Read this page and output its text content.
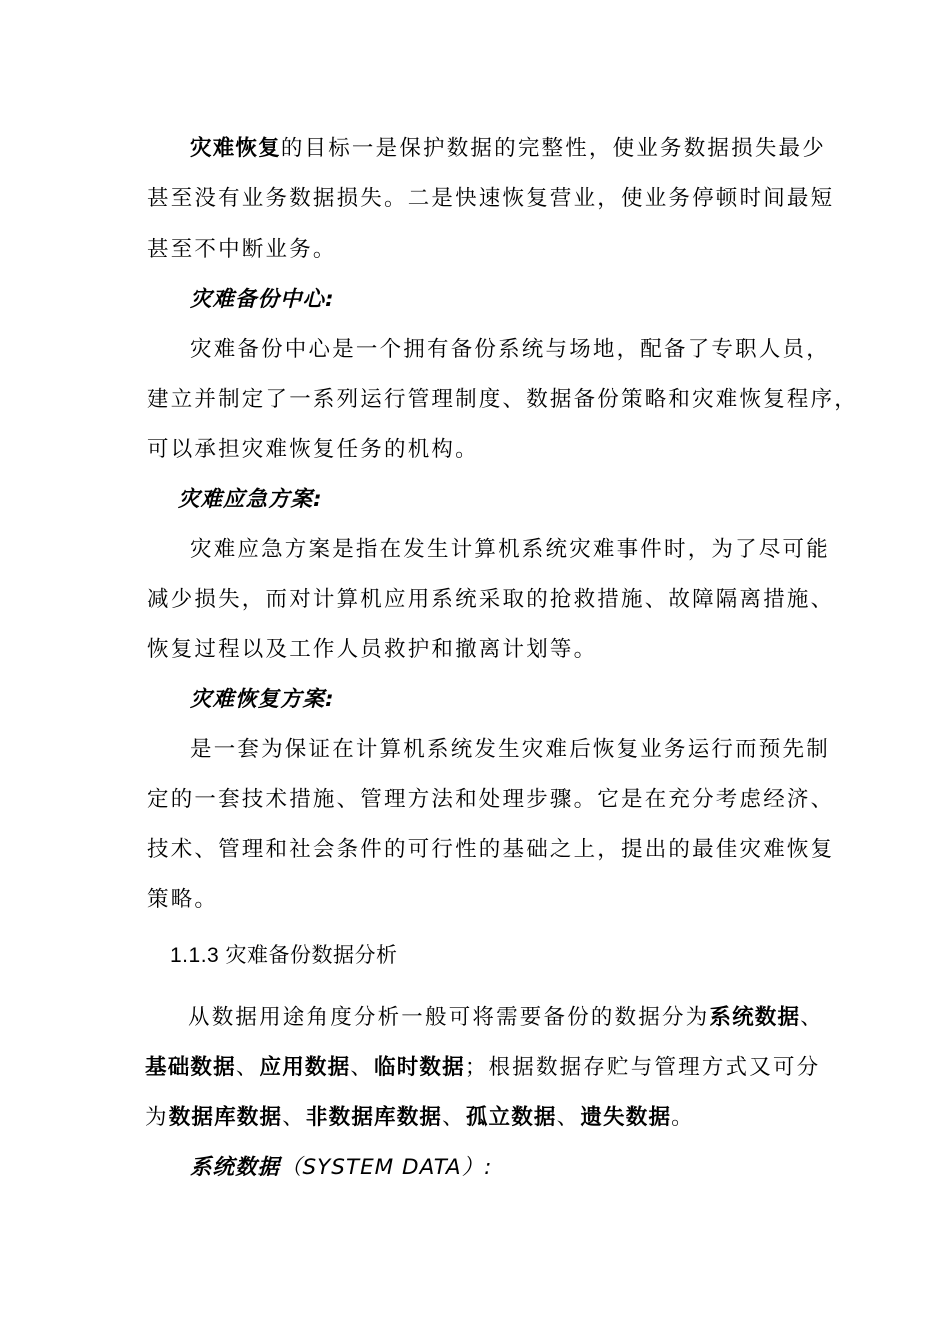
灾难恢复的目标一是保护数据的完整性，使业务数据损失最少
甚至没有业务数据损失。二是快速恢复营业，使业务停顿时间最短
甚至不中断业务。
灾难备份中心:
灾难备份中心是一个拥有备份系统与场地，配备了专职人员，
建立并制定了一系列运行管理制度、数据备份策略和灾难恢复程序，
可以承担灾难恢复任务的机构。
灾难应急方案:
灾难应急方案是指在发生计算机系统灾难事件时，为了尽可能
减少损失，而对计算机应用系统采取的抢救措施、故障隔离措施、
恢复过程以及工作人员救护和撤离计划等。
灾难恢复方案:
是一套为保证在计算机系统发生灾难后恢复业务运行而预先制
定的一套技术措施、管理方法和处理步骤。它是在充分考虑经济、
技术、管理和社会条件的可行性的基础之上，提出的最佳灾难恢复
策略。
1.1.3 灾难备份数据分析
从数据用途角度分析一般可将需要备份的数据分为系统数据、
基础数据、应用数据、临时数据；根据数据存贮与管理方式又可分
为数据库数据、非数据库数据、孤立数据、遗失数据。
系统数据（SYSTEM DATA）:
